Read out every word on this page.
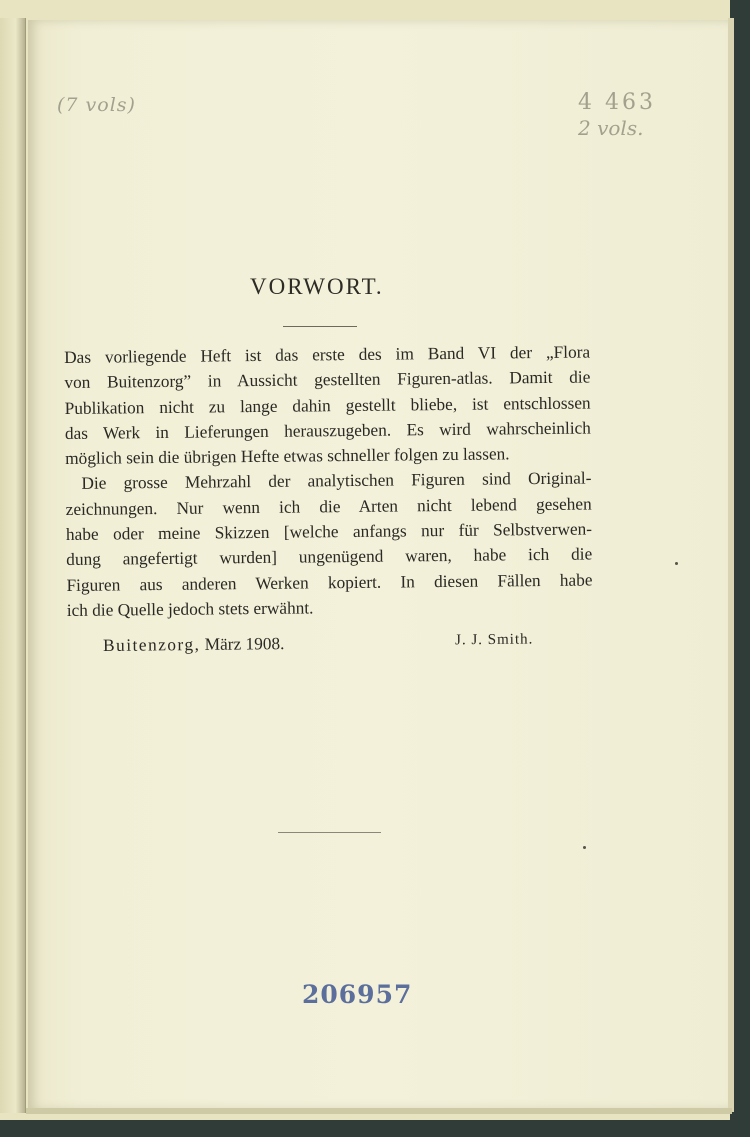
(7 vols)	4 463
2 vols.
VORWORT.
Das vorliegende Heft ist das erste des im Band VI der „Flora
von Buitenzorg” in Aussicht gestellten Figuren-atlas. Damit die
Publikation nicht zu lange dahin gestellt bliebe, ist entschlossen
das Werk in Lieferungen herauszugeben. Es wird wahrscheinlich
möglich sein die übrigen Hefte etwas schneller folgen zu lassen.
Die grosse Mehrzahl der analytischen Figuren sind Original-
zeichnungen. Nur wenn ich die Arten nicht lebend gesehen
habe oder meine Skizzen [welche anfangs nur für Selbstverwen-
dung angefertigt wurden] ungenügend waren, habe ich die
Figuren aus anderen Werken kopiert. In diesen Fällen habe
ich die Quelle jedoch stets erwähnt.
Buitenzorg, März 1908.	J. J. Smith.
206957
